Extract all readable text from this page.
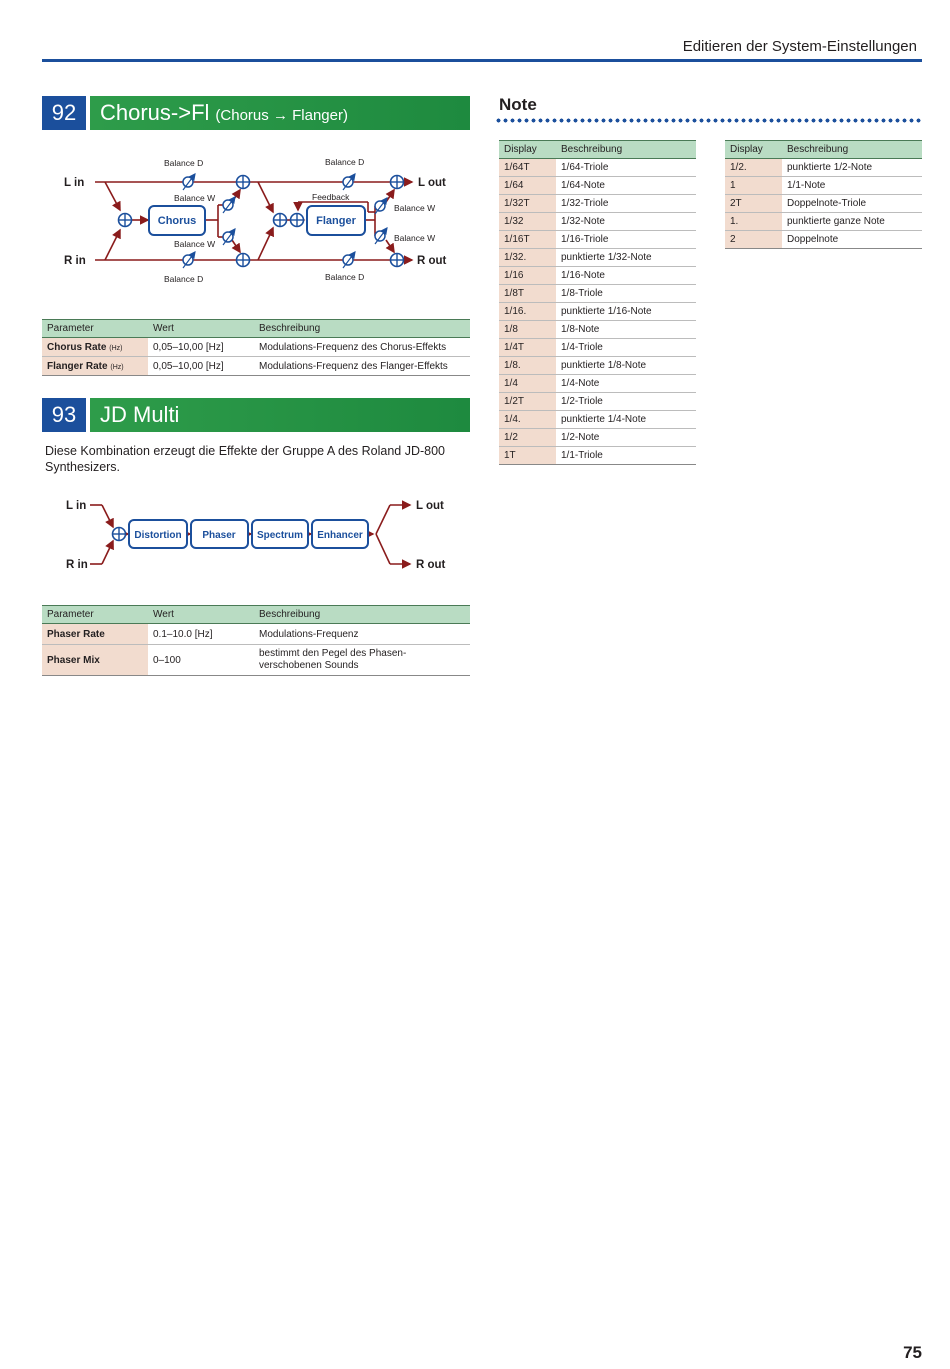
Editieren der System-Einstellungen
92	Chorus->Fl (Chorus → Flanger)
Chorus	Flanger
L in
R in
L out
R out
Balance D
Balance D
Balance D
Balance D
Balance W
Balance W
Balance W
Balance W
Feedback
Parameter	Wert	Beschreibung
Chorus Rate (Hz)	0,05–10,00 [Hz]	Modulations-Frequenz des Chorus-Effekts
Flanger Rate (Hz)	0,05–10,00 [Hz]	Modulations-Frequenz des Flanger-Effekts
93	JD Multi
Diese Kombination erzeugt die Effekte der Gruppe A des Roland JD-800 Synthesizers.
Distortion Phaser Spectrum Enhancer
L in
R in
L out
R out
Parameter	Wert	Beschreibung
Phaser Rate	0.1–10.0 [Hz]	Modulations-Frequenz
Phaser Mix	0–100	bestimmt den Pegel des Phasen-verschobenen Sounds
Note
Display	Beschreibung
1/64T	1/64-Triole
1/64	1/64-Note
1/32T	1/32-Triole
1/32	1/32-Note
1/16T	1/16-Triole
1/32.	punktierte 1/32-Note
1/16	1/16-Note
1/8T	1/8-Triole
1/16.	punktierte 1/16-Note
1/8	1/8-Note
1/4T	1/4-Triole
1/8.	punktierte 1/8-Note
1/4	1/4-Note
1/2T	1/2-Triole
1/4.	punktierte 1/4-Note
1/2	1/2-Note
1T	1/1-Triole
Display	Beschreibung
1/2.	punktierte 1/2-Note
1	1/1-Note
2T	Doppelnote-Triole
1.	punktierte ganze Note
2	Doppelnote
75
